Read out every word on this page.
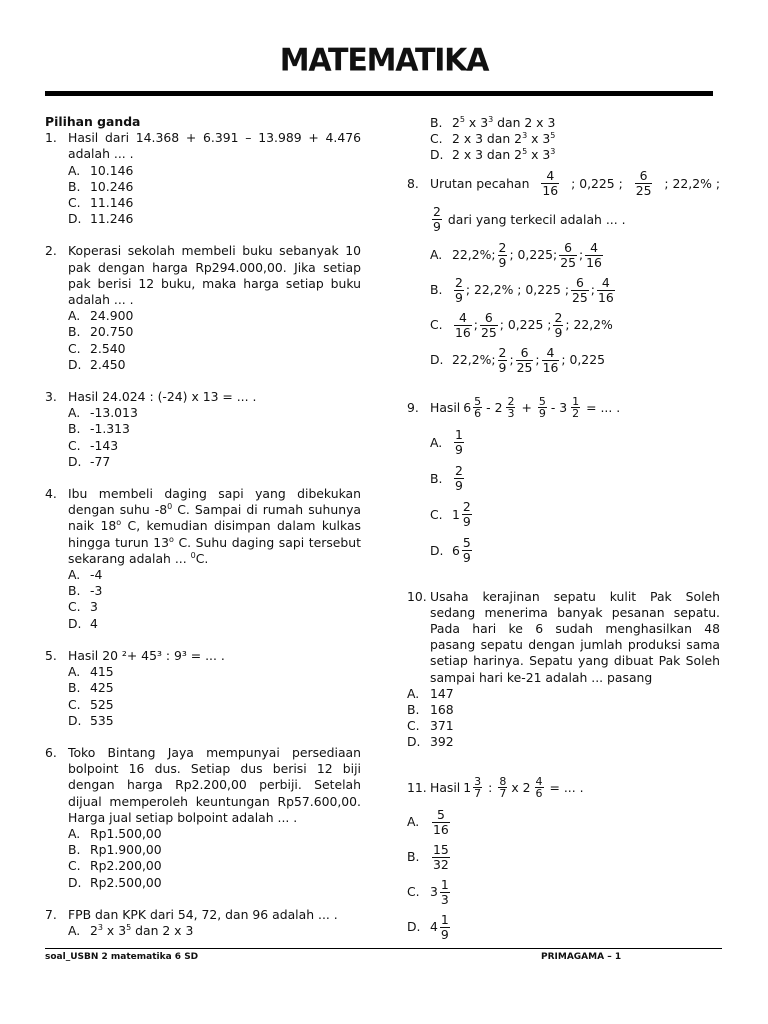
MATEMATIKA
Pilihan ganda
1. Hasil dari 14.368 + 6.391 – 13.989 + 4.476
adalah ... .
A. 10.146
B. 10.246
C. 11.146
D. 11.246
2. Koperasi sekolah membeli buku sebanyak 10
pak dengan harga Rp294.000,00. Jika setiap
pak berisi 12 buku, maka harga setiap buku
adalah ... .
A. 24.900
B. 20.750
C. 2.540
D. 2.450
3. Hasil 24.024 : (-24) x 13 = ... .
A. -13.013
B. -1.313
C. -143
D. -77
4. Ibu membeli daging sapi yang dibekukan
dengan suhu $-8^0$ C. Sampai di rumah suhunya
naik 18$^o$ C, kemudian disimpan dalam kulkas
hingga turun 13$^o$ C. Suhu daging sapi tersebut
sekarang adalah ... $^0$C.
A. -4
B. -3
C. 3
D. 4
5. Hasil 20 ²+ 45³ : 9³ = ... .
A. 415
B. 425
C. 525
D. 535
6. Toko Bintang Jaya mempunyai persediaan
bolpoint 16 dus. Setiap dus berisi 12 biji
dengan harga Rp2.200,00 perbiji. Setelah
dijual memperoleh keuntungan Rp57.600,00.
Harga jual setiap bolpoint adalah ... .
A. Rp1.500,00
B. Rp1.900,00
C. Rp2.200,00
D. Rp2.500,00
7. FPB dan KPK dari 54, 72, dan 96 adalah ... .
A. $2^3$ x $3^5$ dan 2 x 3
B. $2^5$ x $3^3$ dan 2 x 3
C. 2 x 3 dan $2^3$ x $3^5$
D. 2 x 3 dan $2^5$ x $3^3$
8. Urutan pecahan $\frac{4}{16}$ ; 0,225 ; $\frac{6}{25}$ ; 22,2% ;
$\frac{2}{9}$ dari yang terkecil adalah ... .
A. 22,2%; $\frac{2}{9}$ ; 0,225; $\frac{6}{25}$ ; $\frac{4}{16}$
B. $\frac{2}{9}$ ; 22,2% ; 0,225 ; $\frac{6}{25}$ ; $\frac{4}{16}$
C. $\frac{4}{16}$ ; $\frac{6}{25}$ ; 0,225 ; $\frac{2}{9}$ ; 22,2%
D. 22,2%; $\frac{2}{9}$ ; $\frac{6}{25}$ ; $\frac{4}{16}$ ; 0,225
9. Hasil $6 \frac{5}{6} - 2 \frac{2}{3} + \frac{5}{9} - 3 \frac{1}{2}$ = ... .
A. $\frac{1}{9}$
B. $\frac{2}{9}$
C. $1 \frac{2}{9}$
D. $6 \frac{5}{9}$
10. Usaha kerajinan sepatu kulit Pak Soleh
sedang menerima banyak pesanan sepatu.
Pada hari ke 6 sudah menghasilkan 48
pasang sepatu dengan jumlah produksi sama
setiap harinya. Sepatu yang dibuat Pak Soleh
sampai hari ke-21 adalah ... pasang
A. 147
B. 168
C. 371
D. 392
11. Hasil $1 \frac{3}{7}$ : $\frac{8}{7}$ x $2 \frac{4}{6}$ = ... .
A.	$\frac{5}{16}$
B.	$\frac{15}{32}$
C. $3 \frac{1}{3}$
D. $4 \frac{1}{9}$
soal_USBN 2 matematika 6 SD	PRIMAGAMA – 1
